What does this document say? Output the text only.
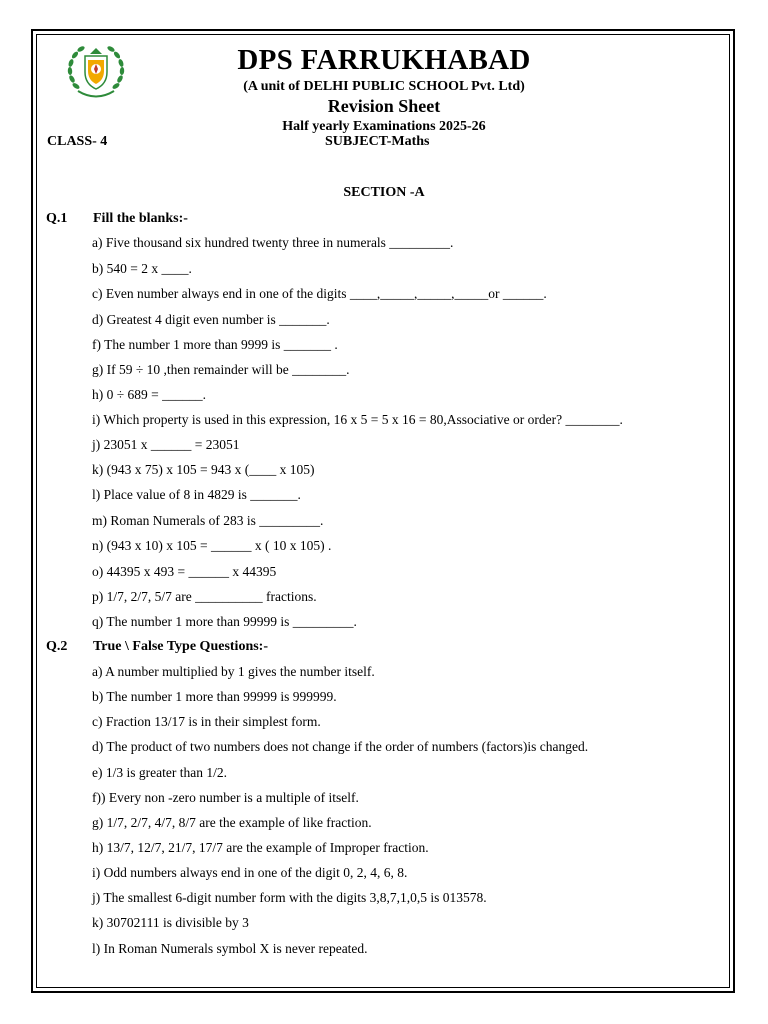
DPS FARRUKHABAD
(A unit of DELHI PUBLIC SCHOOL Pvt. Ltd)
Revision Sheet
Half yearly Examinations 2025-26
CLASS- 4	SUBJECT-Maths
SECTION -A
Q.1 Fill the blanks:-
a) Five thousand six hundred twenty three in numerals _________.
b) 540 = 2 x ____.
c) Even number always end in one of the digits ____,_____,_____,_____or ______.
d) Greatest 4 digit even number is _______.
f) The number 1 more than 9999 is _______ .
g) If 59 ÷ 10 ,then remainder will be ________.
h) 0 ÷ 689 = ______.
i) Which property is used in this expression, 16 x 5 = 5 x 16 = 80,Associative or order? ________.
j) 23051 x ______ = 23051
k) (943 x 75) x 105 = 943 x (____ x 105)
l) Place value of 8 in 4829 is _______.
m) Roman Numerals of 283 is _________.
n) (943 x 10) x 105 = ______ x ( 10 x 105) .
o) 44395 x 493 = ______ x 44395
p) 1/7, 2/7, 5/7 are __________ fractions.
q) The number 1 more than 99999 is _________.
Q.2 True \ False Type Questions:-
a) A number multiplied by 1 gives the number itself.
b) The number 1 more than 99999 is 999999.
c) Fraction 13/17 is in their simplest form.
d) The product of two numbers does not change if the order of numbers (factors)is changed.
e) 1/3 is greater than 1/2.
f)) Every non -zero number is a multiple of itself.
g) 1/7, 2/7, 4/7, 8/7 are the example of like fraction.
h) 13/7, 12/7, 21/7, 17/7 are the example of Improper fraction.
i) Odd numbers always end in one of the digit 0, 2, 4, 6, 8.
j) The smallest 6-digit number form with the digits 3,8,7,1,0,5 is 013578.
k) 30702111 is divisible by 3
l) In Roman Numerals symbol X is never repeated.
